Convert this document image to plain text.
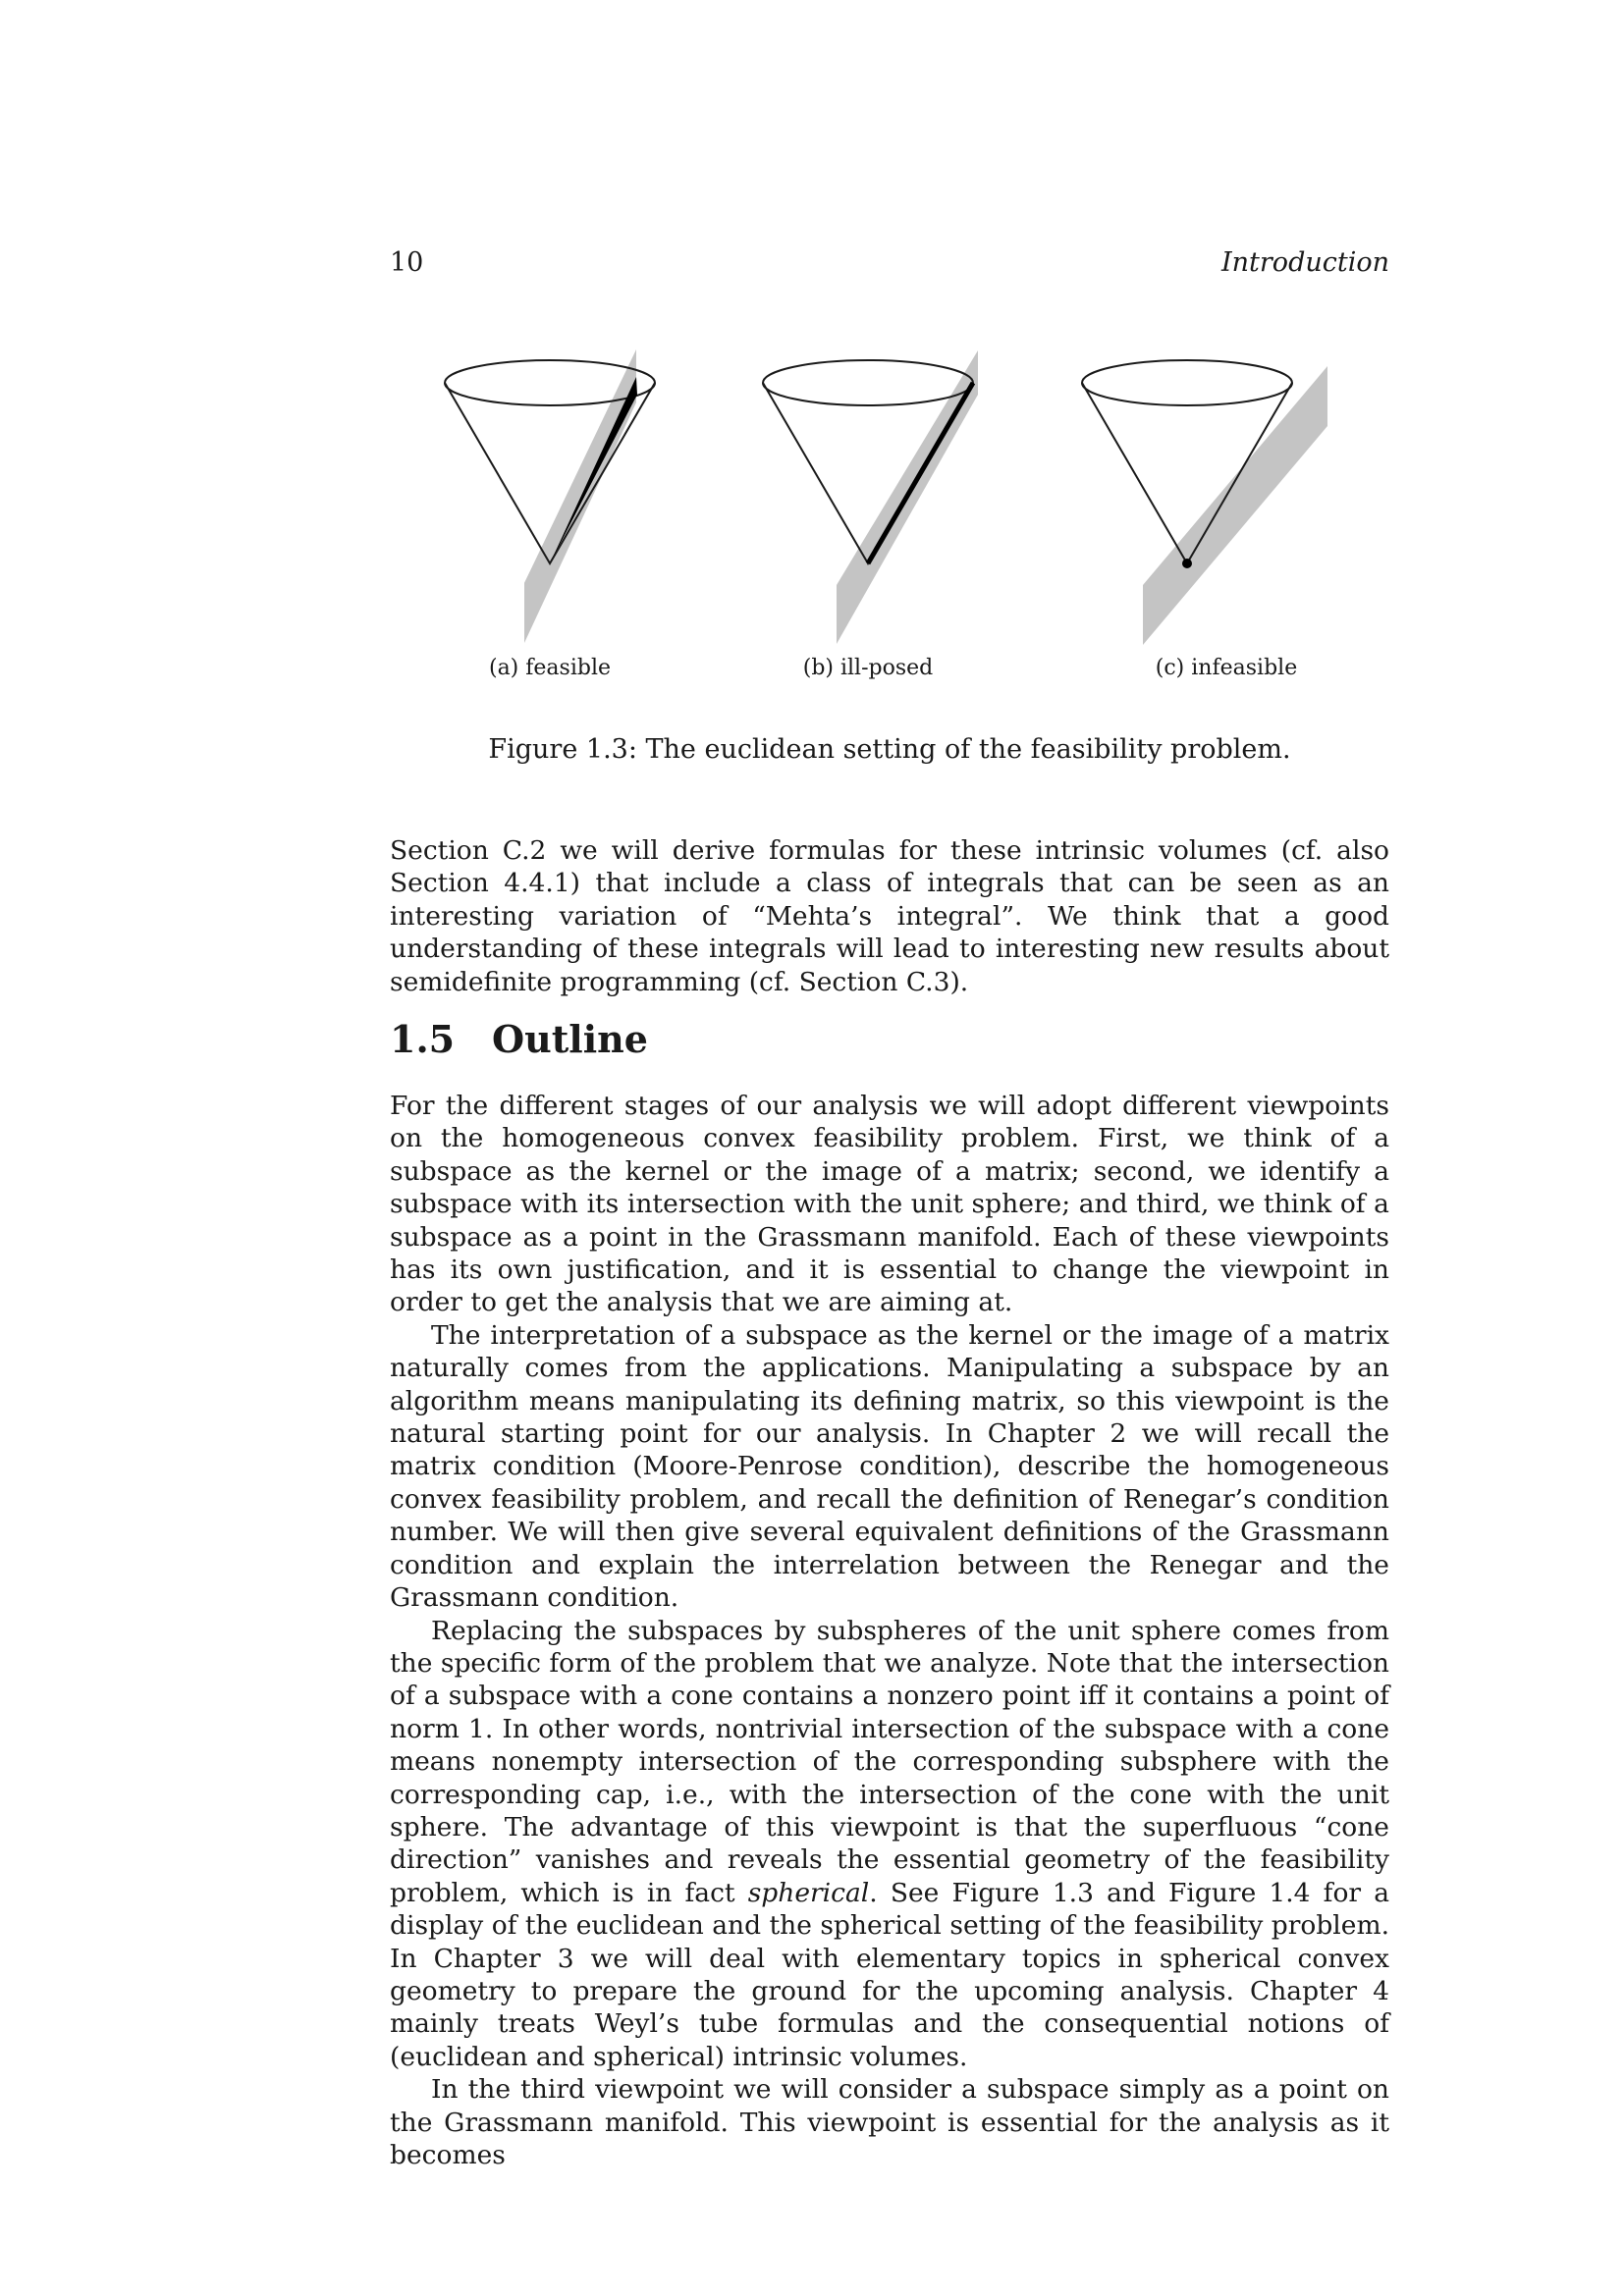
10	Introduction
(a) feasible	(b) ill-posed	(c) infeasible
Figure 1.3: The euclidean setting of the feasibility problem.

Section C.2 we will derive formulas for these intrinsic volumes (cf. also Section 4.4.1) that include a class of integrals that can be seen as an interesting variation of “Mehta’s integral”. We think that a good understanding of these integrals will lead to interesting new results about semidefinite programming (cf. Section C.3).

1.5 Outline

For the different stages of our analysis we will adopt different viewpoints on the homogeneous convex feasibility problem. First, we think of a subspace as the kernel or the image of a matrix; second, we identify a subspace with its intersection with the unit sphere; and third, we think of a subspace as a point in the Grassmann manifold. Each of these viewpoints has its own justification, and it is essential to change the viewpoint in order to get the analysis that we are aiming at.

The interpretation of a subspace as the kernel or the image of a matrix naturally comes from the applications. Manipulating a subspace by an algorithm means manipulating its defining matrix, so this viewpoint is the natural starting point for our analysis. In Chapter 2 we will recall the matrix condition (Moore-Penrose condition), describe the homogeneous convex feasibility problem, and recall the definition of Renegar’s condition number. We will then give several equivalent definitions of the Grassmann condition and explain the interrelation between the Renegar and the Grassmann condition.

Replacing the subspaces by subspheres of the unit sphere comes from the specific form of the problem that we analyze. Note that the intersection of a subspace with a cone contains a nonzero point iff it contains a point of norm 1. In other words, nontrivial intersection of the subspace with a cone means nonempty intersection of the corresponding subsphere with the corresponding cap, i.e., with the intersection of the cone with the unit sphere. The advantage of this viewpoint is that the superfluous “cone direction” vanishes and reveals the essential geometry of the feasibility problem, which is in fact spherical. See Figure 1.3 and Figure 1.4 for a display of the euclidean and the spherical setting of the feasibility problem. In Chapter 3 we will deal with elementary topics in spherical convex geometry to prepare the ground for the upcoming analysis. Chapter 4 mainly treats Weyl’s tube formulas and the consequential notions of (euclidean and spherical) intrinsic volumes.

In the third viewpoint we will consider a subspace simply as a point on the Grassmann manifold. This viewpoint is essential for the analysis as it becomes
